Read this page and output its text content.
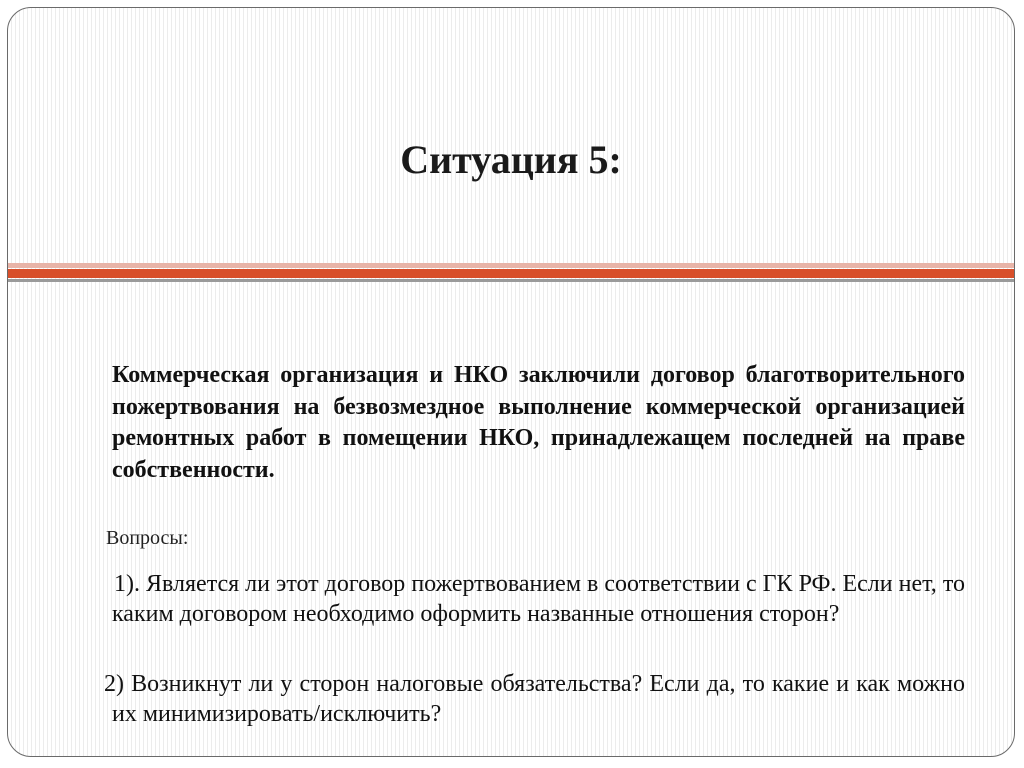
Ситуация 5:
Коммерческая организация и НКО заключили договор благотворительного пожертвования на безвозмездное выполнение коммерческой организацией ремонтных работ в помещении НКО, принадлежащем последней на праве собственности.
Вопросы:
1). Является ли этот договор пожертвованием в соответствии с ГК РФ. Если нет, то каким договором необходимо оформить названные отношения сторон?
2) Возникнут ли у сторон налоговые обязательства? Если да, то какие и как можно их минимизировать/исключить?
